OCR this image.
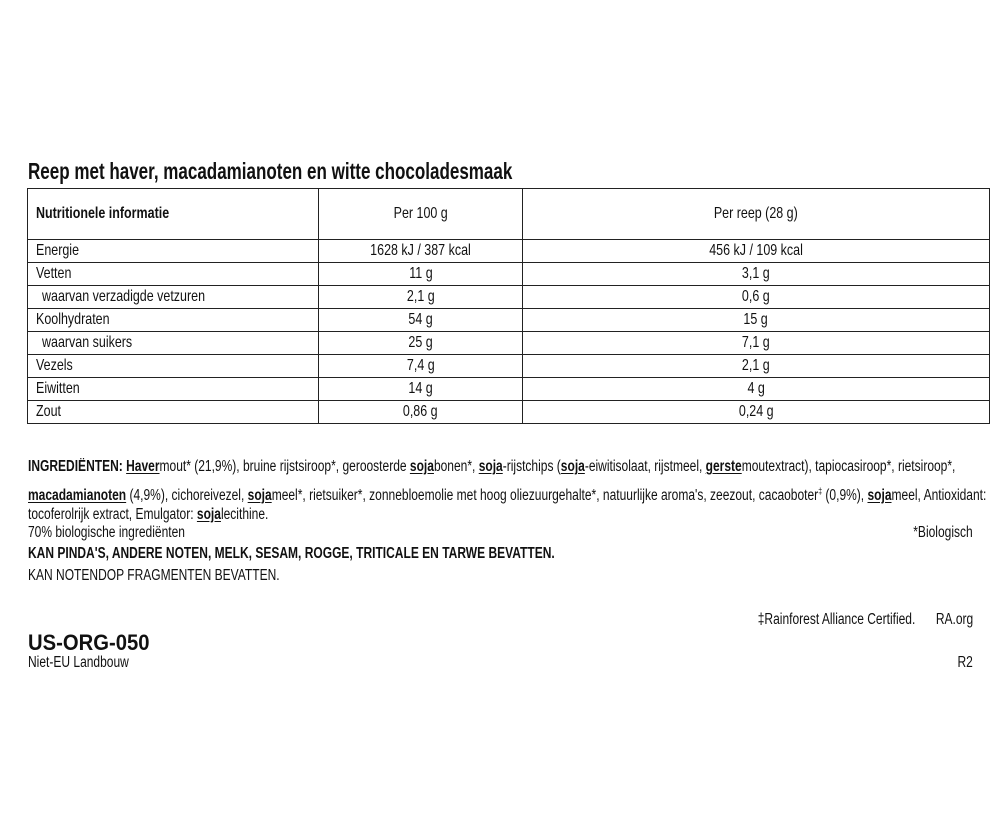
Reep met haver, macadamianoten en witte chocoladesmaak
Nutritionele informatie	Per 100 g	Per reep (28 g)
Energie	1628 kJ / 387 kcal	456 kJ / 109 kcal
Vetten	11 g	3,1 g
waarvan verzadigde vetzuren	2,1 g	0,6 g
Koolhydraten	54 g	15 g
waarvan suikers	25 g	7,1 g
Vezels	7,4 g	2,1 g
Eiwitten	14 g	4 g
Zout	0,86 g	0,24 g
INGREDIËNTEN: Havermout* (21,9%), bruine rijstsiroop*, geroosterde sojabonen*, soja-rijstchips (soja-eiwitisolaat, rijstmeel, gerstemoutextract), tapiocasiroop*, rietsiroop*,
macadamianoten (4,9%), cichoreivezel, sojameel*, rietsuiker*, zonnebloemolie met hoog oliezuurgehalte*, natuurlijke aroma's, zeezout, cacaoboter‡ (0,9%), sojameel, Antioxidant:
tocoferolrijk extract, Emulgator: sojalecithine.
70% biologische ingrediënten	*Biologisch
KAN PINDA'S, ANDERE NOTEN, MELK, SESAM, ROGGE, TRITICALE EN TARWE BEVATTEN.
KAN NOTENDOP FRAGMENTEN BEVATTEN.
‡Rainforest Alliance Certified. RA.org
US-ORG-050
Niet-EU Landbouw	R2
